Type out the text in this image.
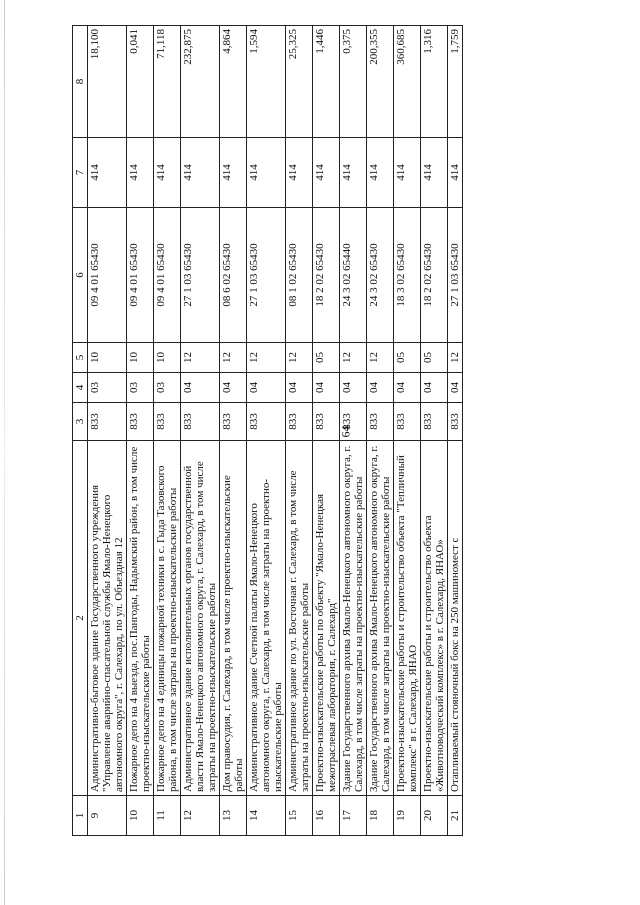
64
1	2	3	4	5	6	7	8
9	Административно-бытовое здание Государственного учреждения "Управление аварийно-спасательной службы Ямало-Ненецкого автономного округа", г. Салехард, по ул. Объездная 12	833	03	10	09 4 01 65430	414	18,100
10	Пожарное депо на 4 выезда, пос.Пангоды, Надымский район, в том числе проектно-изыскательские работы	833	03	10	09 4 01 65430	414	0,041
11	Пожарное депо на 4 единицы пожарной техники в с. Гыда Тазовского района, в том числе затраты на проектно-изыскательские работы	833	03	10	09 4 01 65430	414	71,118
12	Административное здание исполнительных органов государственной власти Ямало-Ненецкого автономного округа, г. Салехард, в том числе затраты на проектно-изыскательские работы	833	04	12	27 1 03 65430	414	232,875
13	Дом правосудия, г. Салехард, в том числе проектно-изыскательские работы	833	04	12	08 6 02 65430	414	4,864
14	Административное здание Счетной палаты Ямало-Ненецкого автономного округа, г. Салехард, в том числе затраты на проектно-изыскательские работы	833	04	12	27 1 03 65430	414	1,594
15	Административное здание по ул. Восточная г. Салехард, в том числе затраты на проектно-изыскательские работы	833	04	12	08 1 02 65430	414	25,325
16	Проектно-изыскательские работы по объекту "Ямало-Ненецкая межотраслевая лаборатория, г. Салехард"	833	04	05	18 2 02 65430	414	1,446
17	Здание Государственного архива Ямало-Ненецкого автономного округа, г. Салехард, в том числе затраты на проектно-изыскательские работы	833	04	12	24 3 02 65440	414	0,375
18	Здание Государственного архива Ямало-Ненецкого автономного округа, г. Салехард, в том числе затраты на проектно-изыскательские работы	833	04	12	24 3 02 65430	414	200,355
19	Проектно-изыскательские работы и строительство объекта "Тепличный комплекс" в г. Салехард, ЯНАО	833	04	05	18 3 02 65430	414	360,685
20	Проектно-изыскательские работы и строительство объекта «Животноводческий комплекс» в г. Салехард, ЯНАО»	833	04	05	18 2 02 65430	414	1,316
21	Отапливаемый стояночный бокс на 250 машиномест с	833	04	12	27 1 03 65430	414	1,759
